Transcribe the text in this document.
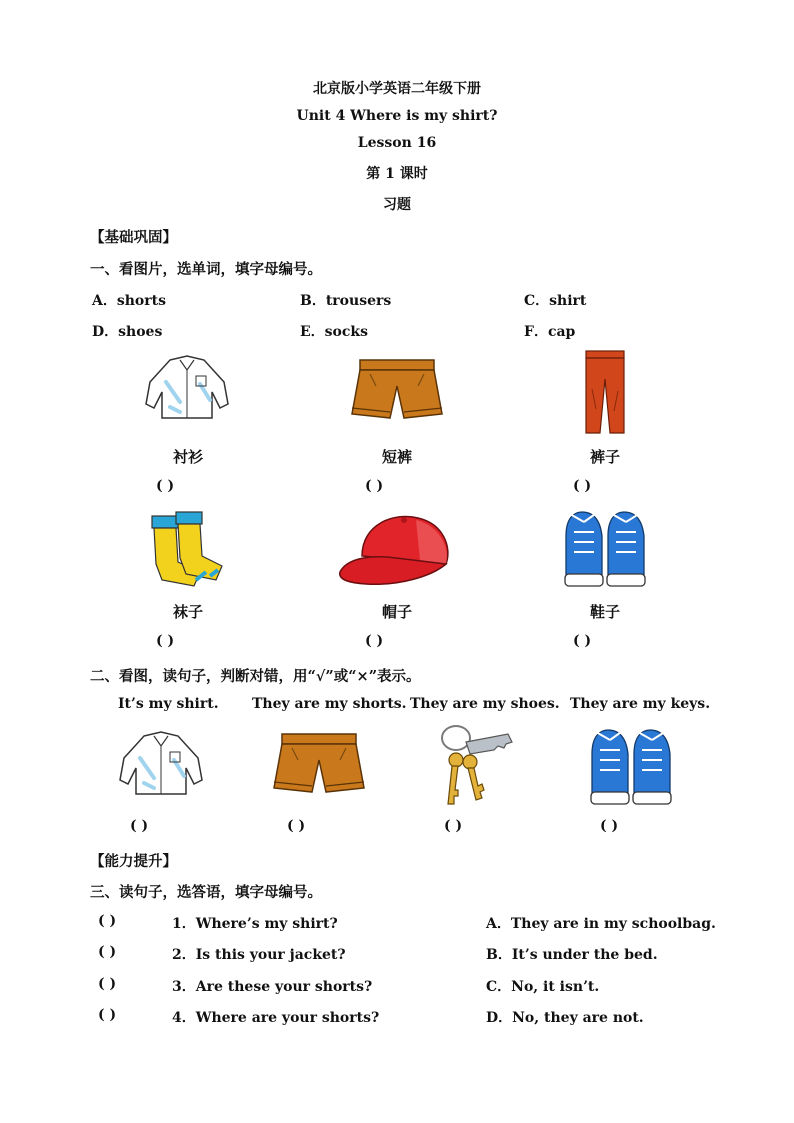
北京版小学英语二年级下册
Unit 4 Where is my shirt?
Lesson 16
第 1 课时
习题
【基础巩固】
一、看图片，选单词，填字母编号。
A．shorts	B．trousers	C．shirt
D．shoes	E．socks	F．cap
衬衫	短裤	裤子
( )	( )	( )
袜子	帽子	鞋子
( )	( )	( )
二、看图，读句子，判断对错，用“√”或“×”表示。
It’s my shirt. They are my shorts. They are my shoes. They are my keys.
( )	( )	( )	( )
【能力提升】
三、读句子，选答语，填字母编号。
( )	1．Where’s my shirt?	A．They are in my schoolbag.
( )	2．Is this your jacket?	B．It’s under the bed.
( )	3．Are these your shorts?	C．No, it isn’t.
( )	4．Where are your shorts?	D．No, they are not.
